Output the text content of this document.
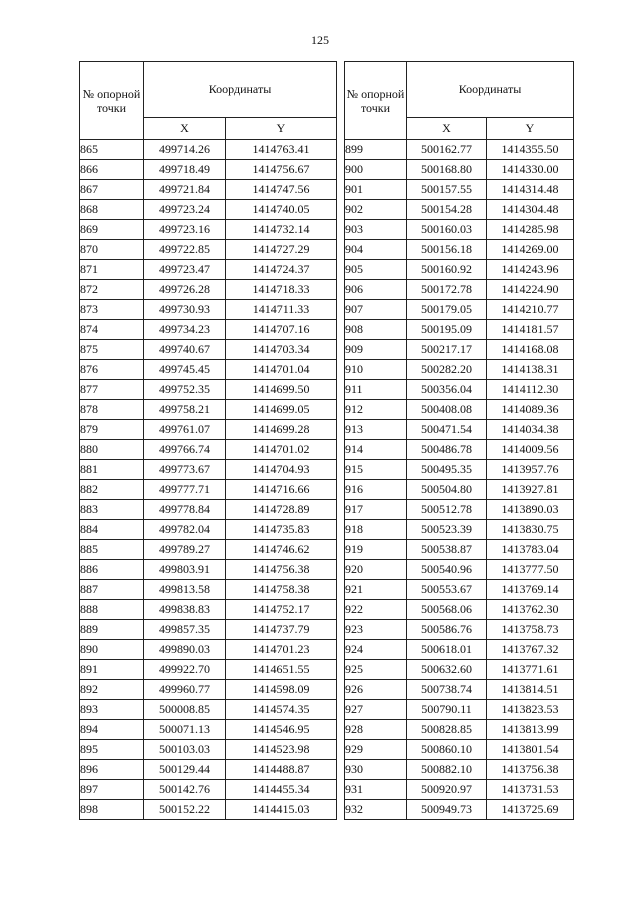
125
№ опорной точки	Координаты	
	X	Y
865	499714.26	1414763.41
866	499718.49	1414756.67
867	499721.84	1414747.56
868	499723.24	1414740.05
869	499723.16	1414732.14
870	499722.85	1414727.29
871	499723.47	1414724.37
872	499726.28	1414718.33
873	499730.93	1414711.33
874	499734.23	1414707.16
875	499740.67	1414703.34
876	499745.45	1414701.04
877	499752.35	1414699.50
878	499758.21	1414699.05
879	499761.07	1414699.28
880	499766.74	1414701.02
881	499773.67	1414704.93
882	499777.71	1414716.66
883	499778.84	1414728.89
884	499782.04	1414735.83
885	499789.27	1414746.62
886	499803.91	1414756.38
887	499813.58	1414758.38
888	499838.83	1414752.17
889	499857.35	1414737.79
890	499890.03	1414701.23
891	499922.70	1414651.55
892	499960.77	1414598.09
893	500008.85	1414574.35
894	500071.13	1414546.95
895	500103.03	1414523.98
896	500129.44	1414488.87
897	500142.76	1414455.34
898	500152.22	1414415.03
№ опорной точки	Координаты	
	X	Y
899	500162.77	1414355.50
900	500168.80	1414330.00
901	500157.55	1414314.48
902	500154.28	1414304.48
903	500160.03	1414285.98
904	500156.18	1414269.00
905	500160.92	1414243.96
906	500172.78	1414224.90
907	500179.05	1414210.77
908	500195.09	1414181.57
909	500217.17	1414168.08
910	500282.20	1414138.31
911	500356.04	1414112.30
912	500408.08	1414089.36
913	500471.54	1414034.38
914	500486.78	1414009.56
915	500495.35	1413957.76
916	500504.80	1413927.81
917	500512.78	1413890.03
918	500523.39	1413830.75
919	500538.87	1413783.04
920	500540.96	1413777.50
921	500553.67	1413769.14
922	500568.06	1413762.30
923	500586.76	1413758.73
924	500618.01	1413767.32
925	500632.60	1413771.61
926	500738.74	1413814.51
927	500790.11	1413823.53
928	500828.85	1413813.99
929	500860.10	1413801.54
930	500882.10	1413756.38
931	500920.97	1413731.53
932	500949.73	1413725.69
